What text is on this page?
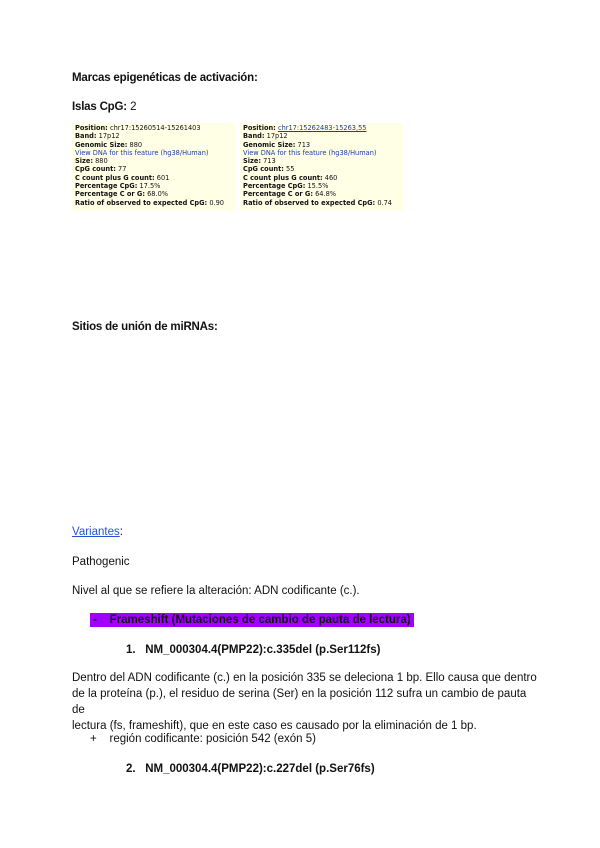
Marcas epigenéticas de activación:
Islas CpG: 2
Position: chr17:15260514-15261403
Band: 17p12
Genomic Size: 880
View DNA for this feature (hg38/Human)
Size: 880
CpG count: 77
C count plus G count: 601
Percentage CpG: 17.5%
Percentage C or G: 68.0%
Ratio of observed to expected CpG: 0.90
Position: chr17:15262483-15263,55
Band: 17p12
Genomic Size: 713
View DNA for this feature (hg38/Human)
Size: 713
CpG count: 55
C count plus G count: 460
Percentage CpG: 15.5%
Percentage C or G: 64.8%
Ratio of observed to expected CpG: 0.74
Sitios de unión de miRNAs:
Variantes:
Pathogenic
Nivel al que se refiere la alteración: ADN codificante (c.).
- Frameshift (Mutaciones de cambio de pauta de lectura)
1. NM_000304.4(PMP22):c.335del (p.Ser112fs)
Dentro del ADN codificante (c.) en la posición 335 se deleciona 1 bp. Ello causa que dentro
de la proteína (p.), el residuo de serina (Ser) en la posición 112 sufra un cambio de pauta de
lectura (fs, frameshift), que en este caso es causado por la eliminación de 1 bp.
+ región codificante: posición 542 (exón 5)
2. NM_000304.4(PMP22):c.227del (p.Ser76fs)
